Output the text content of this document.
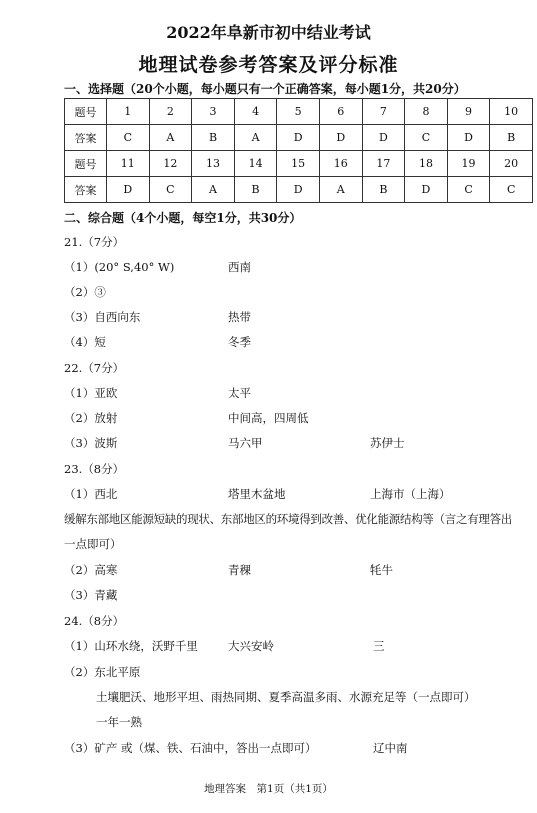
2022年阜新市初中结业考试
地理试卷参考答案及评分标准
一、选择题（20个小题，每小题只有一个正确答案，每小题1分，共20分）
题号	1	2	3	4	5	6	7	8	9	10
答案	C	A	B	A	D	D	D	C	D	B
题号	11	12	13	14	15	16	17	18	19	20
答案	D	C	A	B	D	A	B	D	C	C
二、综合题（4个小题，每空1分，共30分）
21.（7分）
（1）(20° S,40° W)	西南
（2）③
（3）自西向东	热带
（4）短	冬季
22.（7分）
（1）亚欧	太平
（2）放射	中间高，四周低
（3）波斯	马六甲	苏伊士
23.（8分）
（1）西北	塔里木盆地	上海市（上海）
缓解东部地区能源短缺的现状、东部地区的环境得到改善、优化能源结构等（言之有理答出
一点即可）
（2）高寒	青稞	牦牛
（3）青藏
24.（8分）
（1）山环水绕，沃野千里	大兴安岭	三
（2）东北平原
土壤肥沃、地形平坦、雨热同期、夏季高温多雨、水源充足等（一点即可）
一年一熟
（3）矿产 或（煤、铁、石油中，答出一点即可）	辽中南
地理答案　第1页（共1页）
